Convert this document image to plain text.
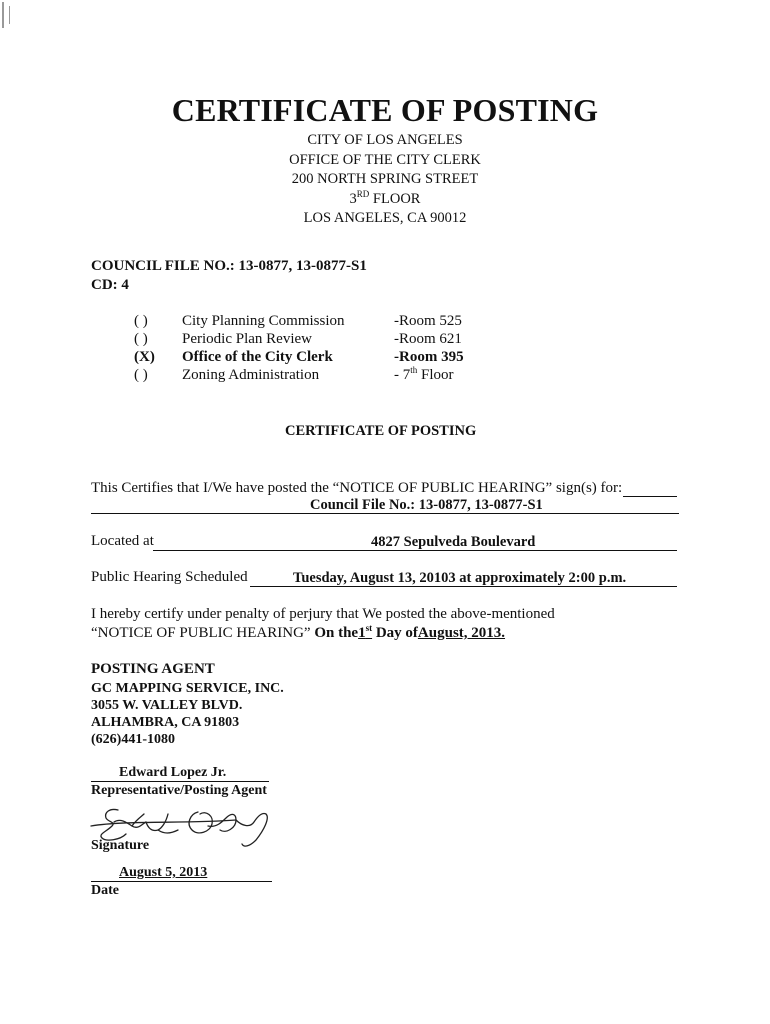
CERTIFICATE OF POSTING
CITY OF LOS ANGELES
OFFICE OF THE CITY CLERK
200 NORTH SPRING STREET
3RD FLOOR
LOS ANGELES, CA 90012
COUNCIL FILE NO.: 13-0877, 13-0877-S1
CD: 4
( ) City Planning Commission	-Room 525
( ) Periodic Plan Review	-Room 621
(X) Office of the City Clerk	-Room 395
( ) Zoning Administration	- 7th Floor
CERTIFICATE OF POSTING
This Certifies that I/We have posted the “NOTICE OF PUBLIC HEARING” sign(s) for:
Council File No.: 13-0877, 13-0877-S1
Located at	4827 Sepulveda Boulevard
Public Hearing Scheduled	Tuesday, August 13, 20103 at approximately 2:00 p.m.
I hereby certify under penalty of perjury that We posted the above-mentioned
“NOTICE OF PUBLIC HEARING” On the1st Day ofAugust, 2013.
POSTING AGENT
GC MAPPING SERVICE, INC.
3055 W. VALLEY BLVD.
ALHAMBRA, CA 91803
(626)441-1080
Edward Lopez Jr.
Representative/Posting Agent
Signature
August 5, 2013
Date
